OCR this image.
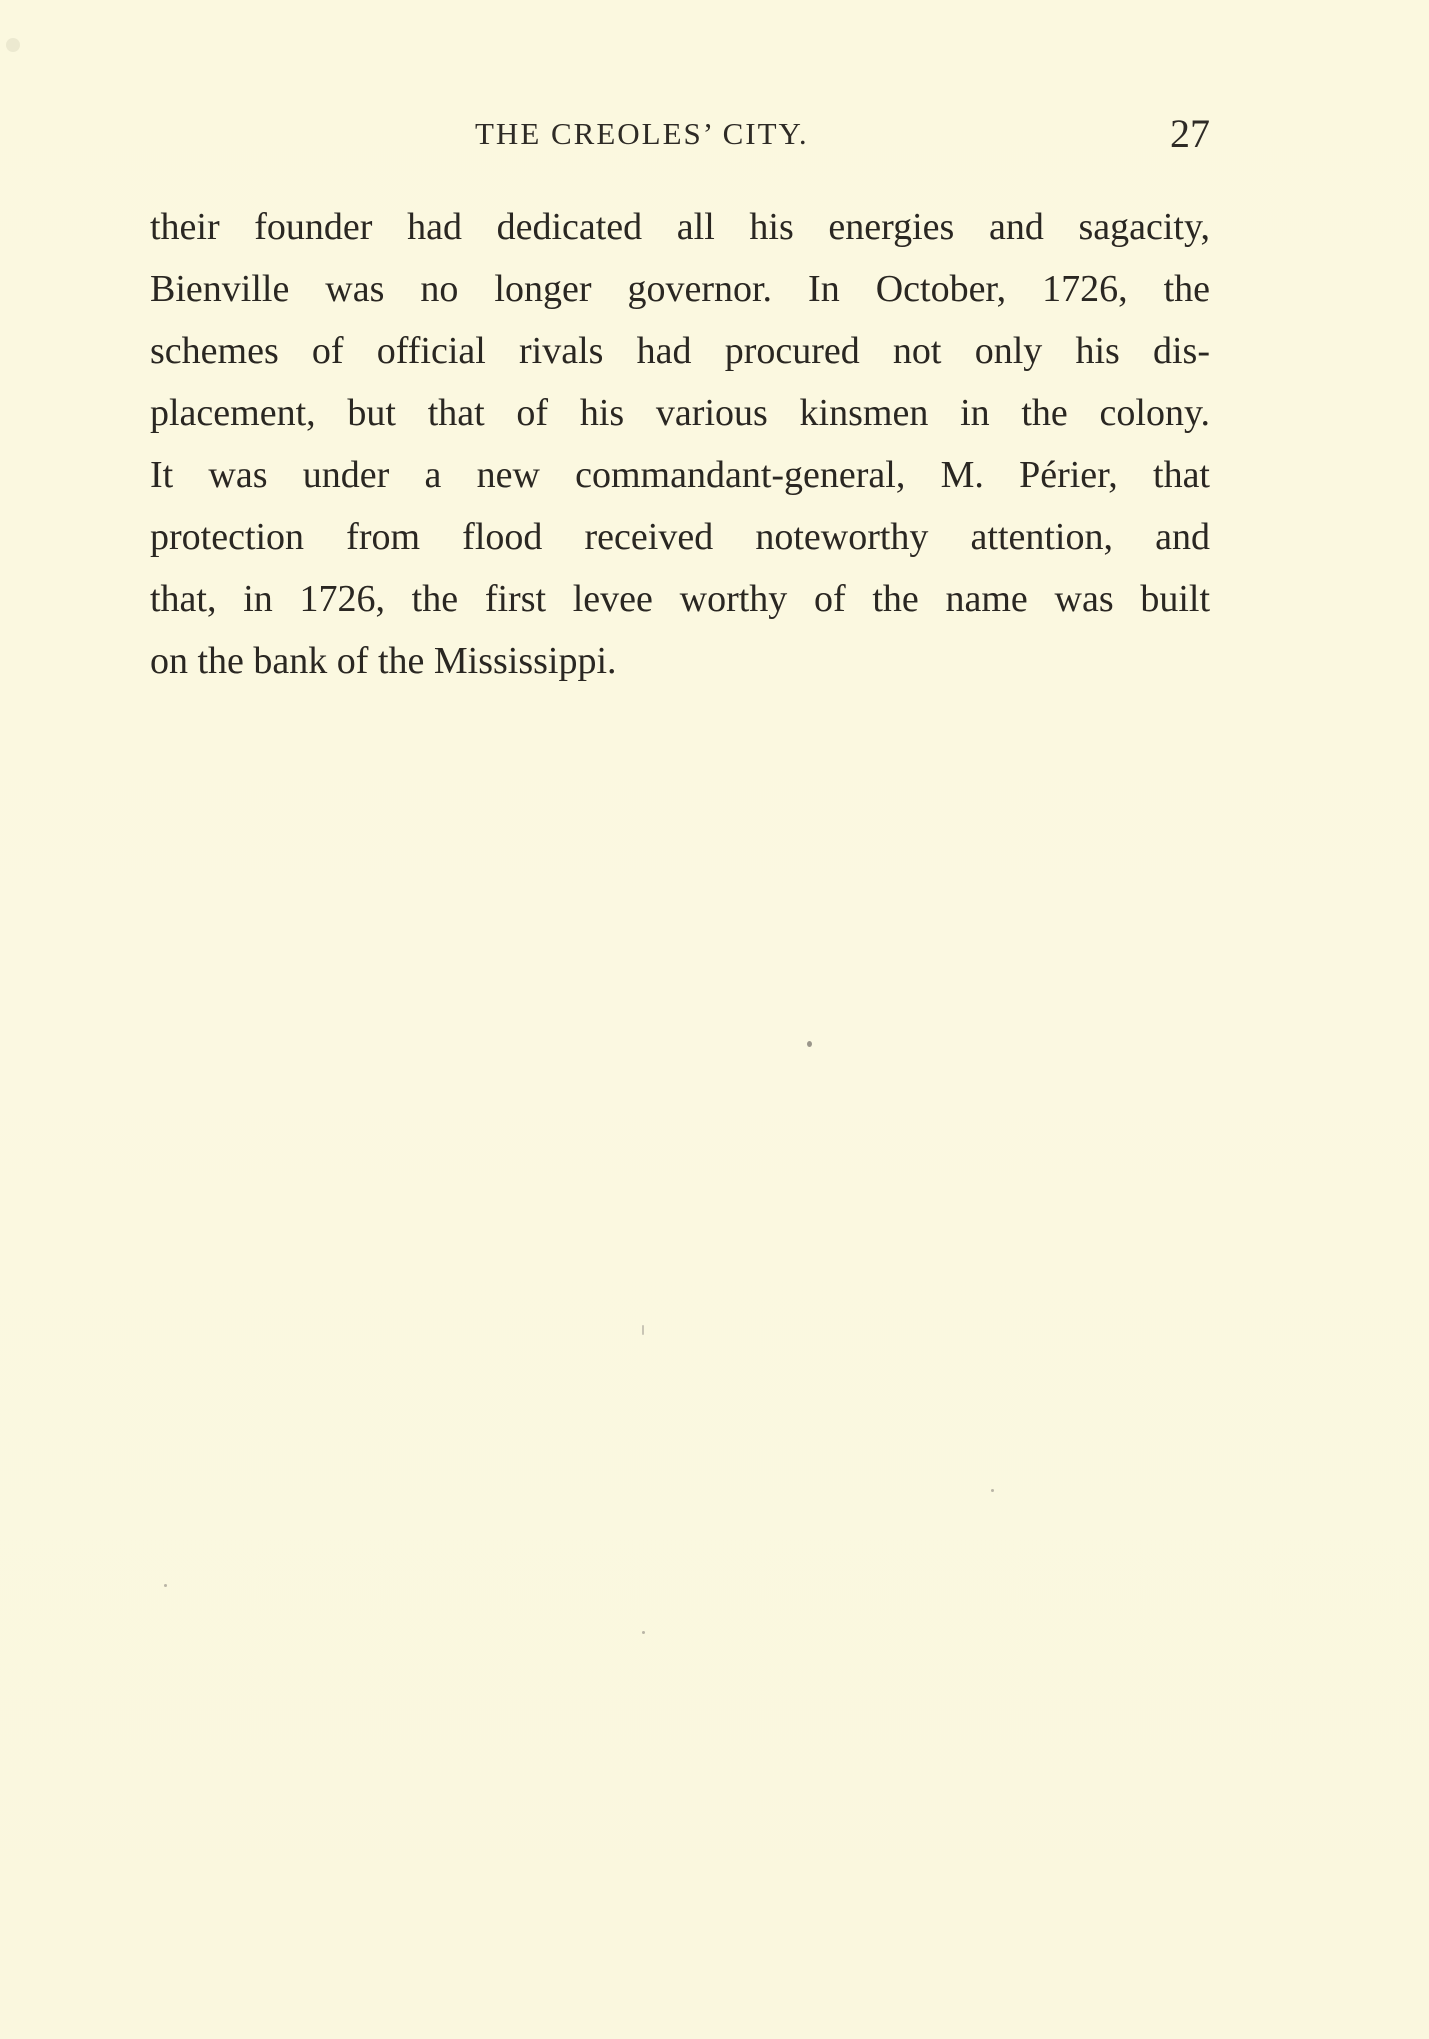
THE CREOLES’ CITY.	27
their founder had dedicated all his energies and sagacity,
Bienville was no longer governor. In October, 1726, the
schemes of official rivals had procured not only his dis-
placement, but that of his various kinsmen in the colony.
It was under a new commandant-general, M. Périer, that
protection from flood received noteworthy attention, and
that, in 1726, the first levee worthy of the name was built
on the bank of the Mississippi.
